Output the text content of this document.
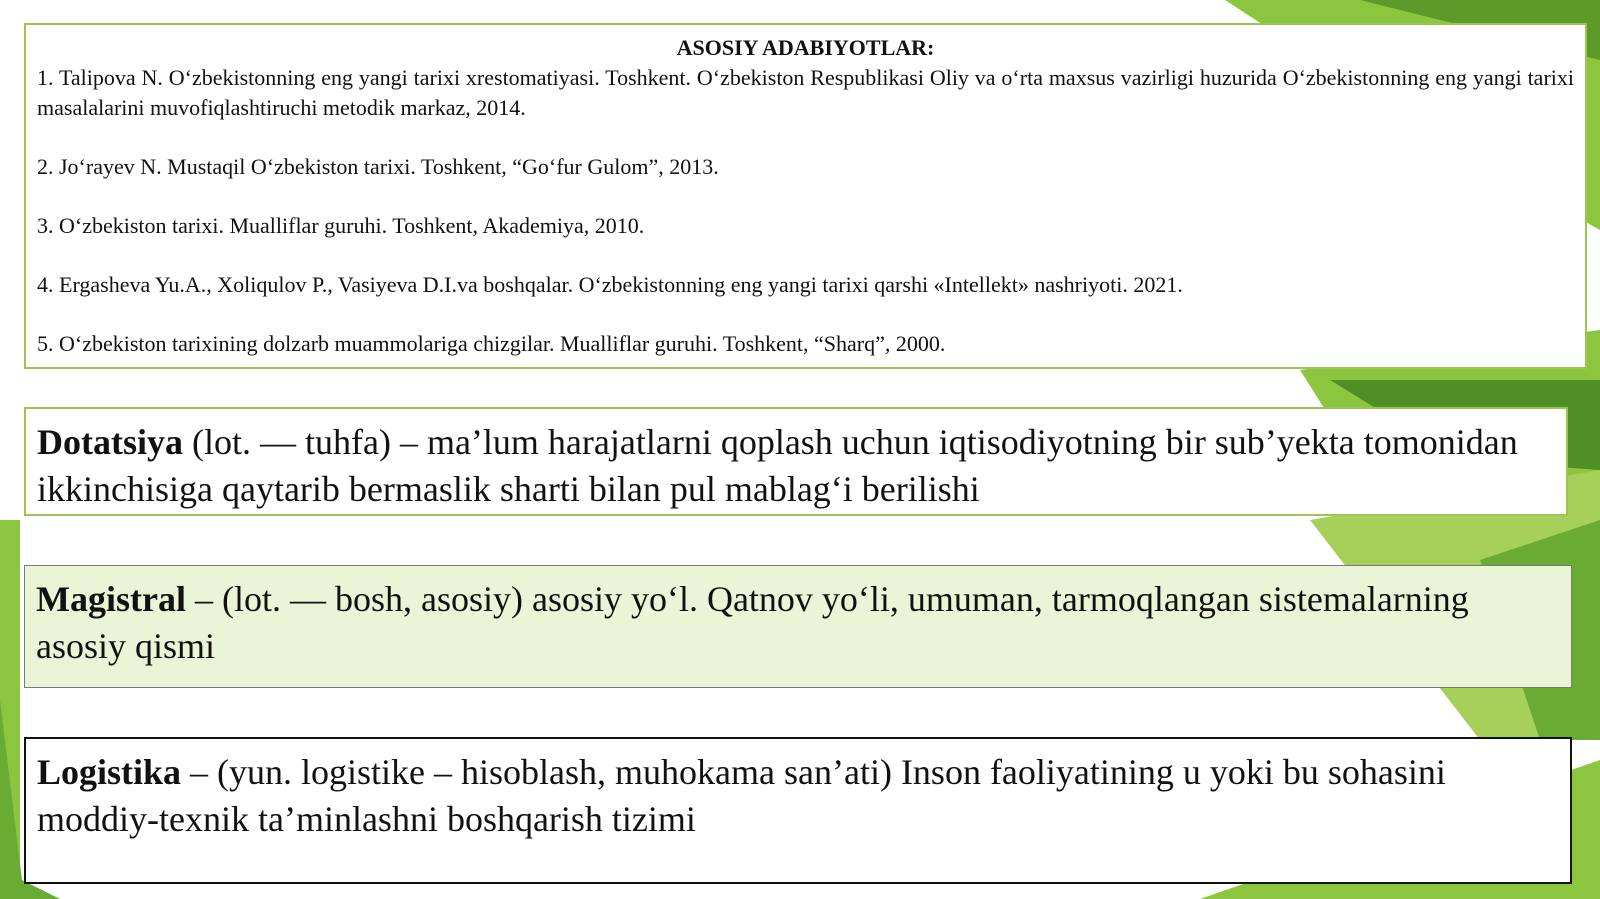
ASOSIY ADABIYOTLAR:

1. Talipova N. O‘zbekistonning eng yangi tarixi xrestomatiyasi. Toshkent. O‘zbekiston Respublikasi Oliy va o‘rta maxsus vazirligi huzurida O‘zbekistonning eng yangi tarixi masalalarini muvofiqlashtiruchi metodik markaz, 2014.

2. Jo‘rayev N. Mustaqil O‘zbekiston tarixi. Toshkent, “Go‘fur Gulom”, 2013.

3. O‘zbekiston tarixi. Mualliflar guruhi. Toshkent, Akademiya, 2010.

4. Ergasheva Yu.A., Xoliqulov P., Vasiyeva D.I.va boshqalar. O‘zbekistonning eng yangi tarixi qarshi «Intellekt» nashriyoti. 2021.

5. O‘zbekiston tarixining dolzarb muammolariga chizgilar. Mualliflar guruhi. Toshkent, “Sharq”, 2000.

Dotatsiya (lot. — tuhfa) – ma’lum harajatlarni qoplash uchun iqtisodiyotning bir sub’yekta tomonidan ikkinchisiga qaytarib bermaslik sharti bilan pul mablag‘i berilishi
Magistral – (lot. — bosh, asosiy) asosiy yo‘l. Qatnov yo‘li, umuman, tarmoqlangan sistemalarning asosiy qismi
Logistika – (yun. logistike – hisoblash, muhokama san’ati) Inson faoliyatining u yoki bu sohasini moddiy-texnik ta’minlashni boshqarish tizimi
